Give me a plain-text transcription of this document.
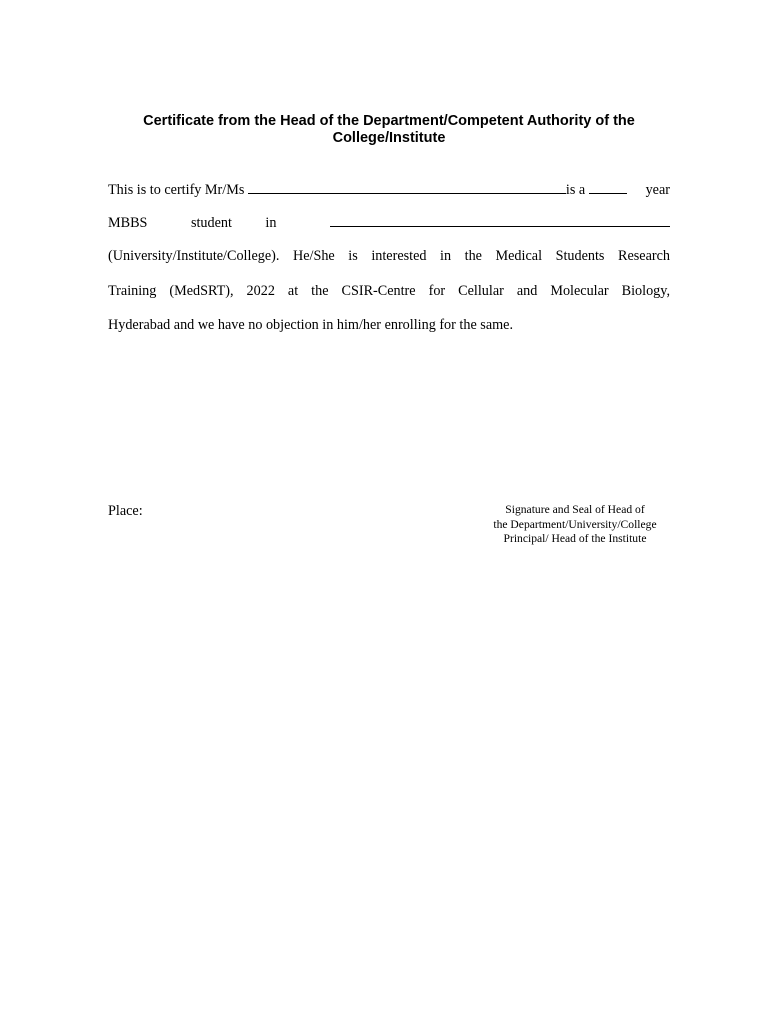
Certificate from the Head of the Department/Competent Authority of the
College/Institute
This is to certify Mr/Ms	is a	year
MBBS	student in
(University/Institute/College). He/She is interested in the Medical Students Research
Training (MedSRT), 2022 at the CSIR-Centre for Cellular and Molecular Biology,
Hyderabad and we have no objection in him/her enrolling for the same.
Place:	Signature and Seal of Head of
the Department/University/College
Principal/ Head of the Institute
